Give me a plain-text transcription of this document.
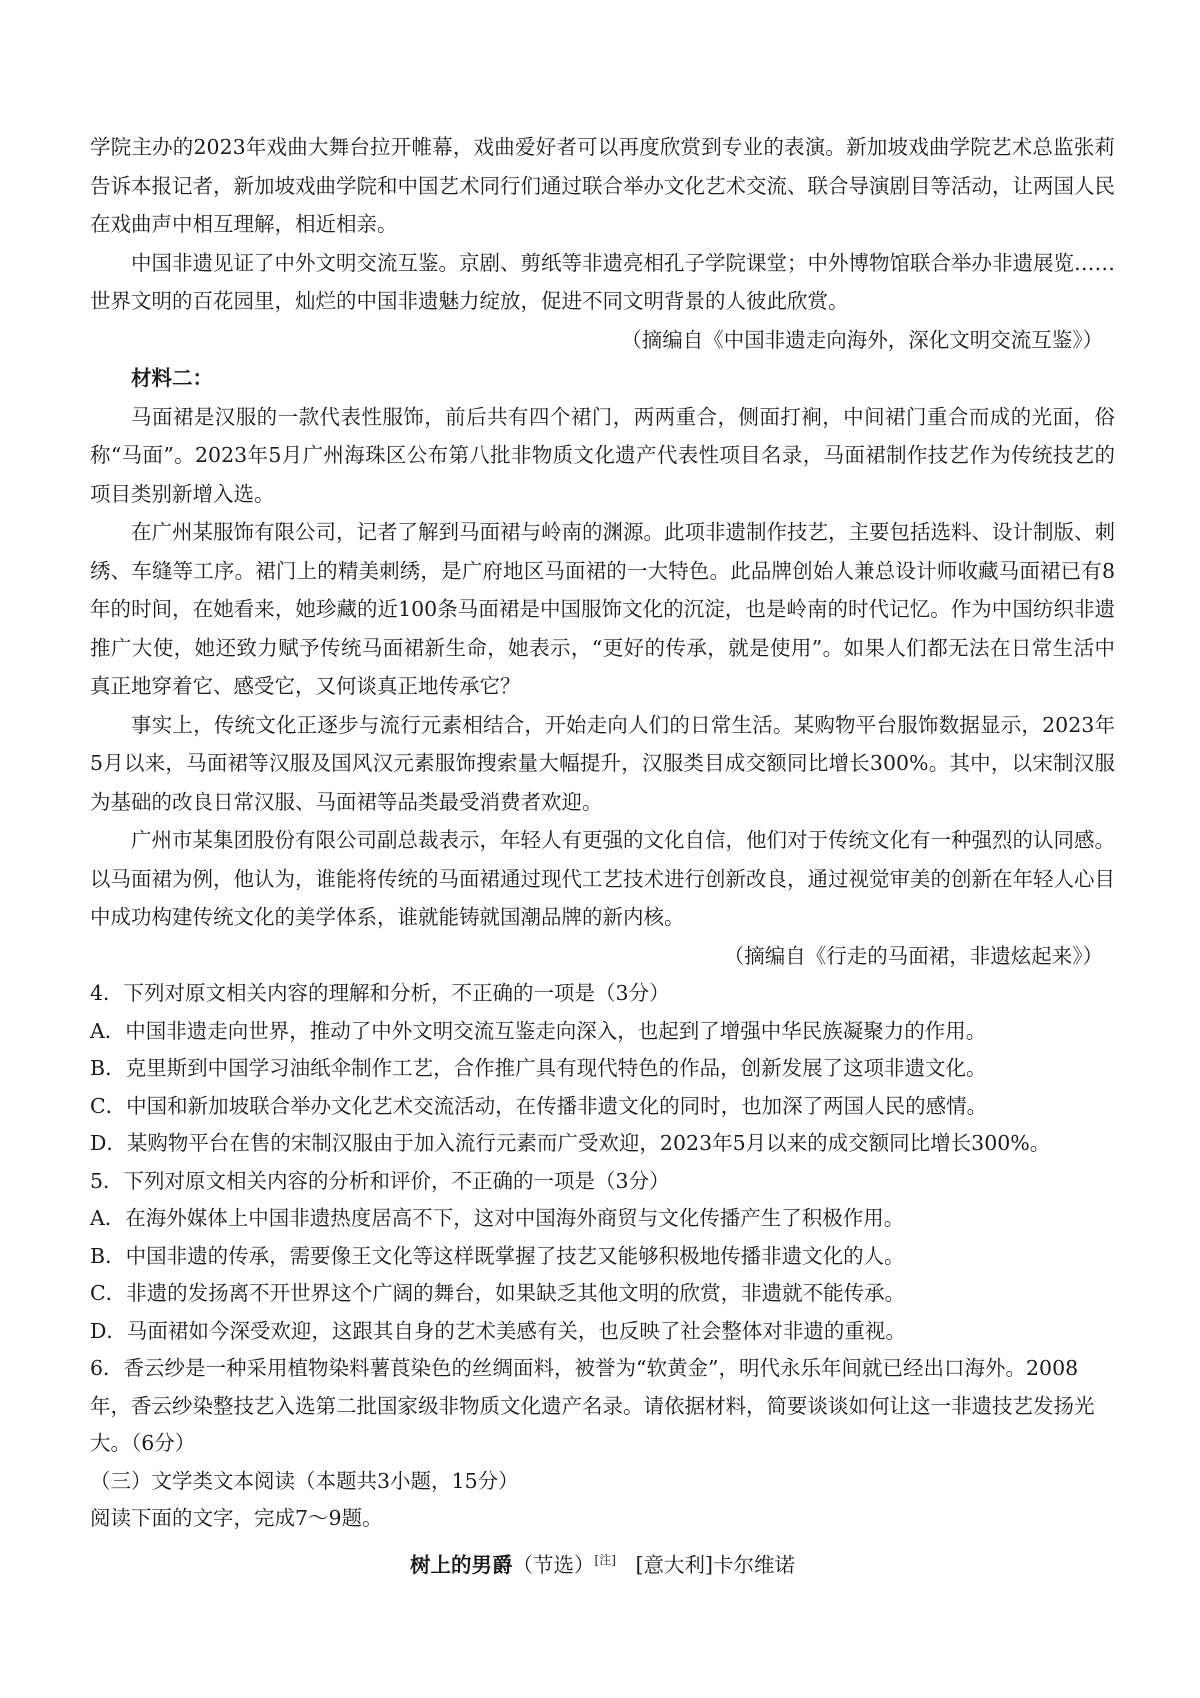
学院主办的2023年戏曲大舞台拉开帷幕，戏曲爱好者可以再度欣赏到专业的表演。新加坡戏曲学院艺术总监张莉告诉本报记者，新加坡戏曲学院和中国艺术同行们通过联合举办文化艺术交流、联合导演剧目等活动，让两国人民在戏曲声中相互理解，相近相亲。

中国非遗见证了中外文明交流互鉴。京剧、剪纸等非遗亮相孔子学院课堂；中外博物馆联合举办非遗展览……世界文明的百花园里，灿烂的中国非遗魅力绽放，促进不同文明背景的人彼此欣赏。

（摘编自《中国非遗走向海外，深化文明交流互鉴》）

材料二：

马面裙是汉服的一款代表性服饰，前后共有四个裙门，两两重合，侧面打裥，中间裙门重合而成的光面，俗称“马面”。2023年5月广州海珠区公布第八批非物质文化遗产代表性项目名录，马面裙制作技艺作为传统技艺的项目类别新增入选。

在广州某服饰有限公司，记者了解到马面裙与岭南的渊源。此项非遗制作技艺，主要包括选料、设计制版、刺绣、车缝等工序。裙门上的精美刺绣，是广府地区马面裙的一大特色。此品牌创始人兼总设计师收藏马面裙已有8年的时间，在她看来，她珍藏的近100条马面裙是中国服饰文化的沉淀，也是岭南的时代记忆。作为中国纺织非遗推广大使，她还致力赋予传统马面裙新生命，她表示，“更好的传承，就是使用”。如果人们都无法在日常生活中真正地穿着它、感受它，又何谈真正地传承它？

事实上，传统文化正逐步与流行元素相结合，开始走向人们的日常生活。某购物平台服饰数据显示，2023年5月以来，马面裙等汉服及国风汉元素服饰搜索量大幅提升，汉服类目成交额同比增长300%。其中，以宋制汉服为基础的改良日常汉服、马面裙等品类最受消费者欢迎。

广州市某集团股份有限公司副总裁表示，年轻人有更强的文化自信，他们对于传统文化有一种强烈的认同感。以马面裙为例，他认为，谁能将传统的马面裙通过现代工艺技术进行创新改良，通过视觉审美的创新在年轻人心目中成功构建传统文化的美学体系，谁就能铸就国潮品牌的新内核。

（摘编自《行走的马面裙，非遗炫起来》）

4．下列对原文相关内容的理解和分析，不正确的一项是（3分）

A．中国非遗走向世界，推动了中外文明交流互鉴走向深入，也起到了增强中华民族凝聚力的作用。

B．克里斯到中国学习油纸伞制作工艺，合作推广具有现代特色的作品，创新发展了这项非遗文化。

C．中国和新加坡联合举办文化艺术交流活动，在传播非遗文化的同时，也加深了两国人民的感情。

D．某购物平台在售的宋制汉服由于加入流行元素而广受欢迎，2023年5月以来的成交额同比增长300%。

5．下列对原文相关内容的分析和评价，不正确的一项是（3分）

A．在海外媒体上中国非遗热度居高不下，这对中国海外商贸与文化传播产生了积极作用。

B．中国非遗的传承，需要像王文化等这样既掌握了技艺又能够积极地传播非遗文化的人。

C．非遗的发扬离不开世界这个广阔的舞台，如果缺乏其他文明的欣赏，非遗就不能传承。

D．马面裙如今深受欢迎，这跟其自身的艺术美感有关，也反映了社会整体对非遗的重视。

6．香云纱是一种采用植物染料薯莨染色的丝绸面料，被誉为“软黄金”，明代永乐年间就已经出口海外。2008年，香云纱染整技艺入选第二批国家级非物质文化遗产名录。请依据材料，简要谈谈如何让这一非遗技艺发扬光大。（6分）

（三）文学类文本阅读（本题共3小题，15分）

阅读下面的文字，完成7～9题。

树上的男爵（节选）[注] [意大利]卡尔维诺
